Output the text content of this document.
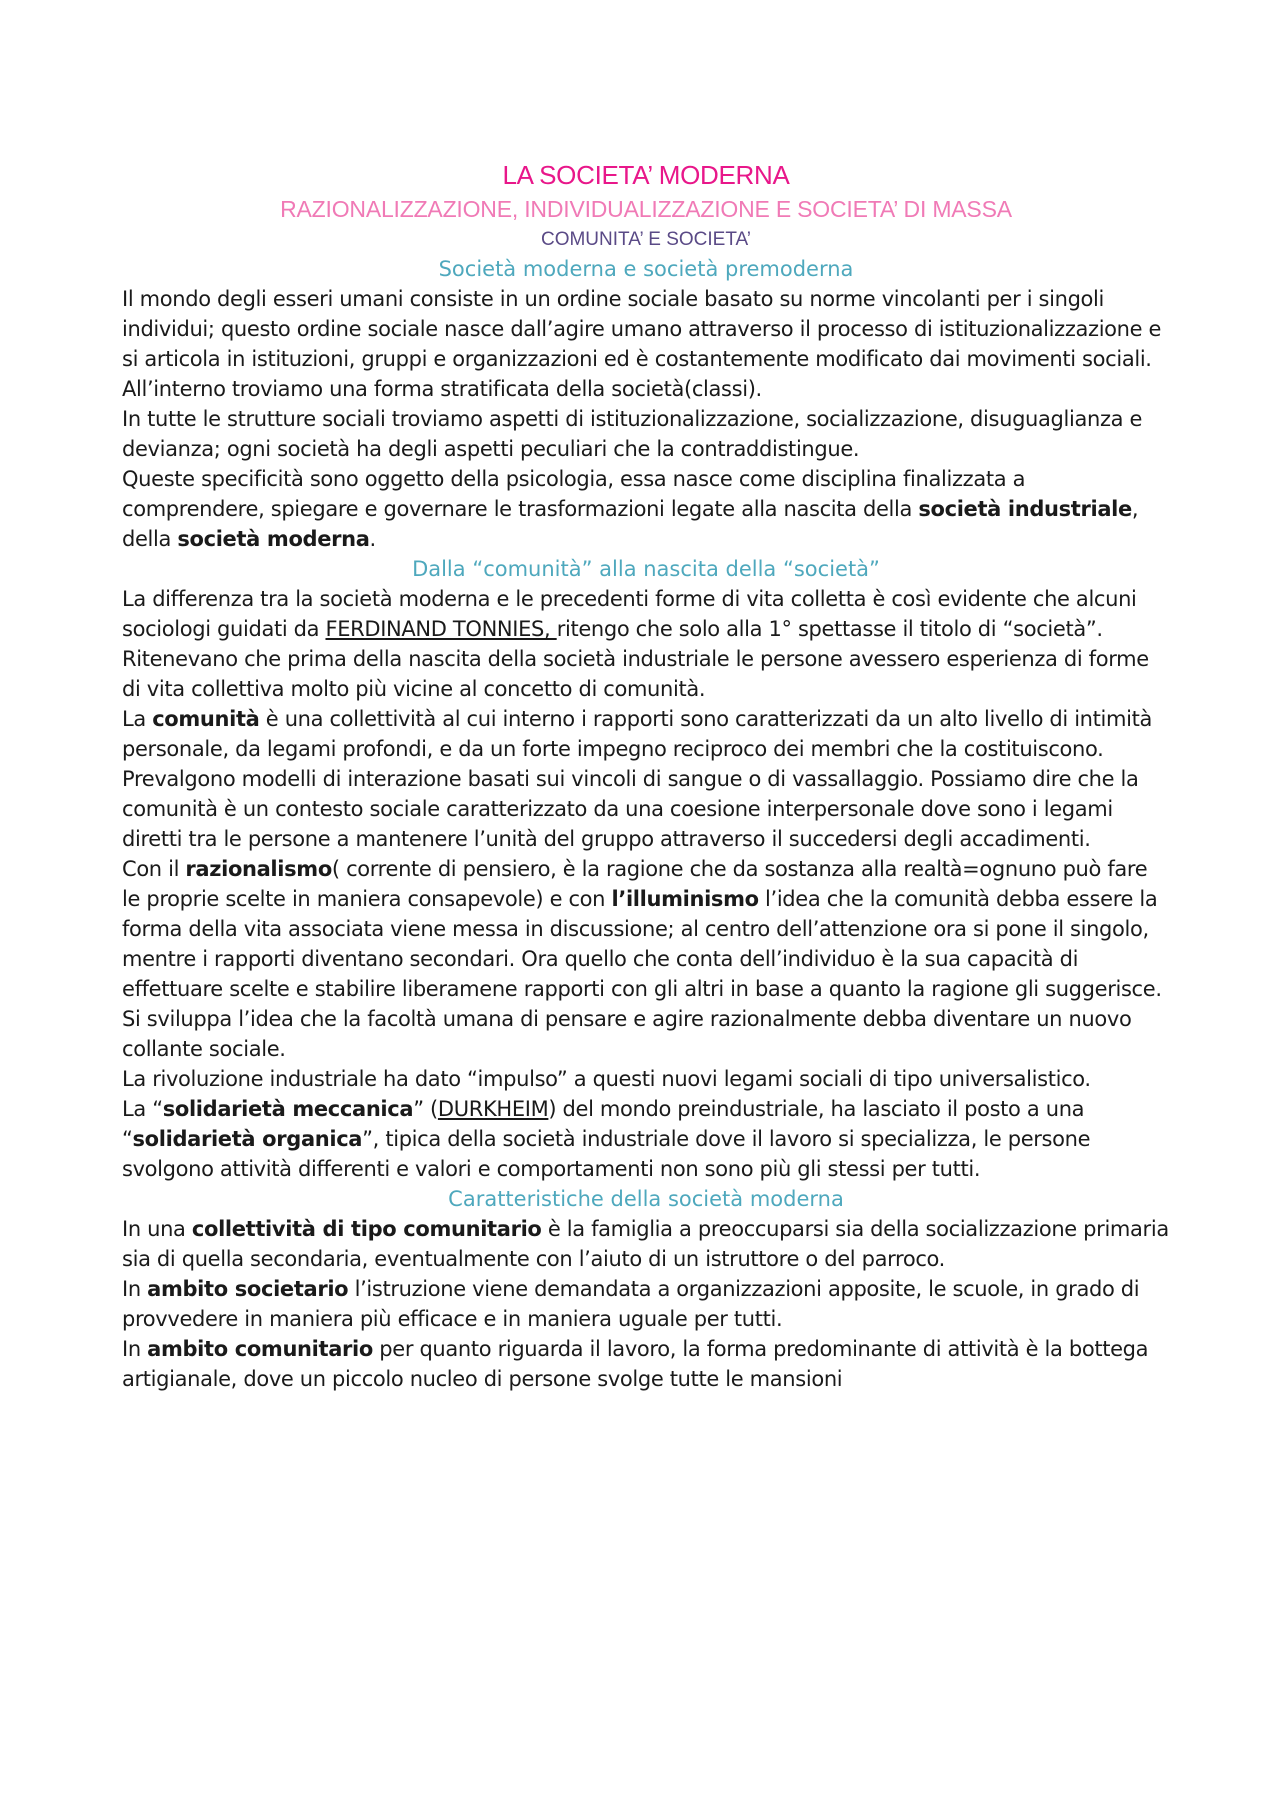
LA SOCIETA’ MODERNA
RAZIONALIZZAZIONE, INDIVIDUALIZZAZIONE E SOCIETA’ DI MASSA
COMUNITA’ E SOCIETA’
Società moderna e società premoderna

Il mondo degli esseri umani consiste in un ordine sociale basato su norme vincolanti per i singoli individui; questo ordine sociale nasce dall’agire umano attraverso il processo di istituzionalizzazione e si articola in istituzioni, gruppi e organizzazioni ed è costantemente modificato dai movimenti sociali. All’interno troviamo una forma stratificata della società(classi).

In tutte le strutture sociali troviamo aspetti di istituzionalizzazione, socializzazione, disuguaglianza e devianza; ogni società ha degli aspetti peculiari che la contraddistingue.

Queste specificità sono oggetto della psicologia, essa nasce come disciplina finalizzata a comprendere, spiegare e governare le trasformazioni legate alla nascita della società industriale, della società moderna.

Dalla “comunità” alla nascita della “società”

La differenza tra la società moderna e le precedenti forme di vita colletta è così evidente che alcuni sociologi guidati da FERDINAND TONNIES, ritengo che solo alla 1° spettasse il titolo di “società”. Ritenevano che prima della nascita della società industriale le persone avessero esperienza di forme di vita collettiva molto più vicine al concetto di comunità.

La comunità è una collettività al cui interno i rapporti sono caratterizzati da un alto livello di intimità personale, da legami profondi, e da un forte impegno reciproco dei membri che la costituiscono. Prevalgono modelli di interazione basati sui vincoli di sangue o di vassallaggio. Possiamo dire che la comunità è un contesto sociale caratterizzato da una coesione interpersonale dove sono i legami diretti tra le persone a mantenere l’unità del gruppo attraverso il succedersi degli accadimenti.

Con il razionalismo( corrente di pensiero, è la ragione che da sostanza alla realtà=ognuno può fare le proprie scelte in maniera consapevole) e con l’illuminismo l’idea che la comunità debba essere la forma della vita associata viene messa in discussione; al centro dell’attenzione ora si pone il singolo, mentre i rapporti diventano secondari. Ora quello che conta dell’individuo è la sua capacità di effettuare scelte e stabilire liberamene rapporti con gli altri in base a quanto la ragione gli suggerisce.

Si sviluppa l’idea che la facoltà umana di pensare e agire razionalmente debba diventare un nuovo collante sociale.

La rivoluzione industriale ha dato “impulso” a questi nuovi legami sociali di tipo universalistico.

La “solidarietà meccanica” (DURKHEIM) del mondo preindustriale, ha lasciato il posto a una “solidarietà organica”, tipica della società industriale dove il lavoro si specializza, le persone svolgono attività differenti e valori e comportamenti non sono più gli stessi per tutti.

Caratteristiche della società moderna

In una collettività di tipo comunitario è la famiglia a preoccuparsi sia della socializzazione primaria sia di quella secondaria, eventualmente con l’aiuto di un istruttore o del parroco.

In ambito societario l’istruzione viene demandata a organizzazioni apposite, le scuole, in grado di provvedere in maniera più efficace e in maniera uguale per tutti.

In ambito comunitario per quanto riguarda il lavoro, la forma predominante di attività è la bottega artigianale, dove un piccolo nucleo di persone svolge tutte le mansioni
